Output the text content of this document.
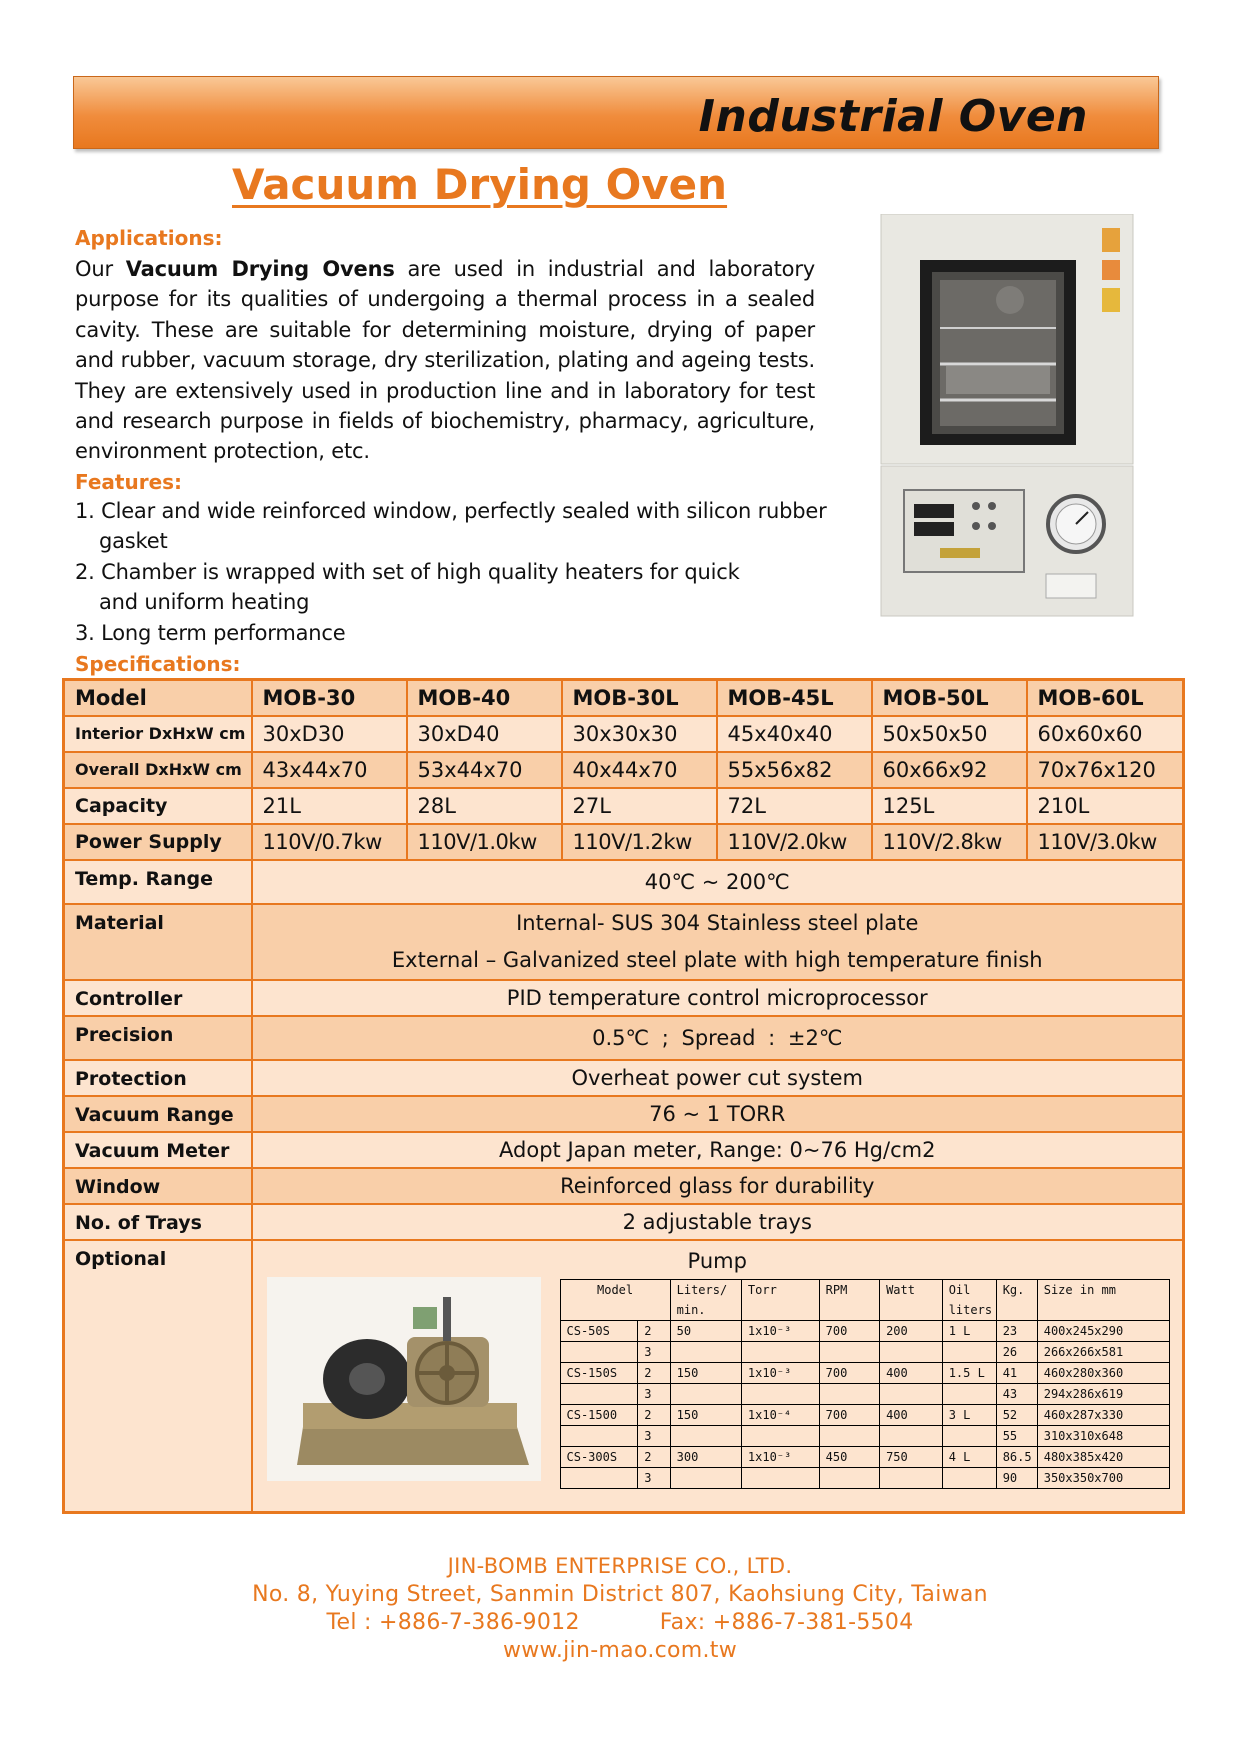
Industrial Oven
Vacuum Drying Oven
Applications:
Our Vacuum Drying Ovens are used in industrial and laboratory purpose for its qualities of undergoing a thermal process in a sealed cavity. These are suitable for determining moisture, drying of paper and rubber, vacuum storage, dry sterilization, plating and ageing tests. They are extensively used in production line and in laboratory for test and research purpose in fields of biochemistry, pharmacy, agriculture, environment protection, etc.
Features:
1. Clear and wide reinforced window, perfectly sealed with silicon rubber gasket
2. Chamber is wrapped with set of high quality heaters for quick and uniform heating
3. Long term performance
Specifications:
Model	MOB-30	MOB-40	MOB-30L	MOB-45L	MOB-50L	MOB-60L
Interior DxHxW cm	30xD30	30xD40	30x30x30	45x40x40	50x50x50	60x60x60
Overall DxHxW cm	43x44x70	53x44x70	40x44x70	55x56x82	60x66x92	70x76x120
Capacity	21L	28L	27L	72L	125L	210L
Power Supply	110V/0.7kw	110V/1.0kw	110V/1.2kw	110V/2.0kw	110V/2.8kw	110V/3.0kw
Temp. Range	40℃ ~ 200℃
Material	Internal- SUS 304 Stainless steel plate
External – Galvanized steel plate with high temperature finish

Controller	PID temperature control microprocessor
Precision	0.5℃ ; Spread : ±2℃
Protection	Overheat power cut system
Vacuum Range	76 ~ 1 TORR
Vacuum Meter	Adopt Japan meter, Range: 0~76 Hg/cm2
Window	Reinforced glass for durability
No. of Trays	2 adjustable trays
Optional	Pump
Model	Liters/ min.	Torr	RPM	Watt	Oil liters	Kg.	Size in mm
CS-50S	2	50	1x10⁻³	700	200	1 L	23	400x245x290
	3						26	266x266x581
CS-150S	2	150	1x10⁻³	700	400	1.5 L	41	460x280x360
	3						43	294x286x619
CS-1500	2	150	1x10⁻⁴	700	400	3 L	52	460x287x330
	3						55	310x310x648
CS-300S	2	300	1x10⁻³	450	750	4 L	86.5	480x385x420
	3						90	350x350x700
JIN-BOMB ENTERPRISE CO., LTD.
No. 8, Yuying Street, Sanmin District 807, Kaohsiung City, Taiwan
Tel : +886-7-386-9012	Fax: +886-7-381-5504
www.jin-mao.com.tw
